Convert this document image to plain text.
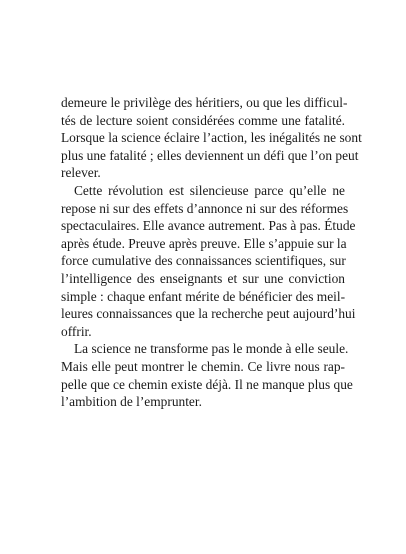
demeure le privilège des héritiers, ou que les difficul-
tés de lecture soient considérées comme une fatalité.
Lorsque la science éclaire l’action, les inégalités ne sont
plus une fatalité ; elles deviennent un défi que l’on peut
relever.

Cette révolution est silencieuse parce qu’elle ne
repose ni sur des effets d’annonce ni sur des réformes
spectaculaires. Elle avance autrement. Pas à pas. Étude
après étude. Preuve après preuve. Elle s’appuie sur la
force cumulative des connaissances scientifiques, sur
l’intelligence des enseignants et sur une conviction
simple : chaque enfant mérite de bénéficier des meil-
leures connaissances que la recherche peut aujourd’hui
offrir.

La science ne transforme pas le monde à elle seule.
Mais elle peut montrer le chemin. Ce livre nous rap-
pelle que ce chemin existe déjà. Il ne manque plus que
l’ambition de l’emprunter.
